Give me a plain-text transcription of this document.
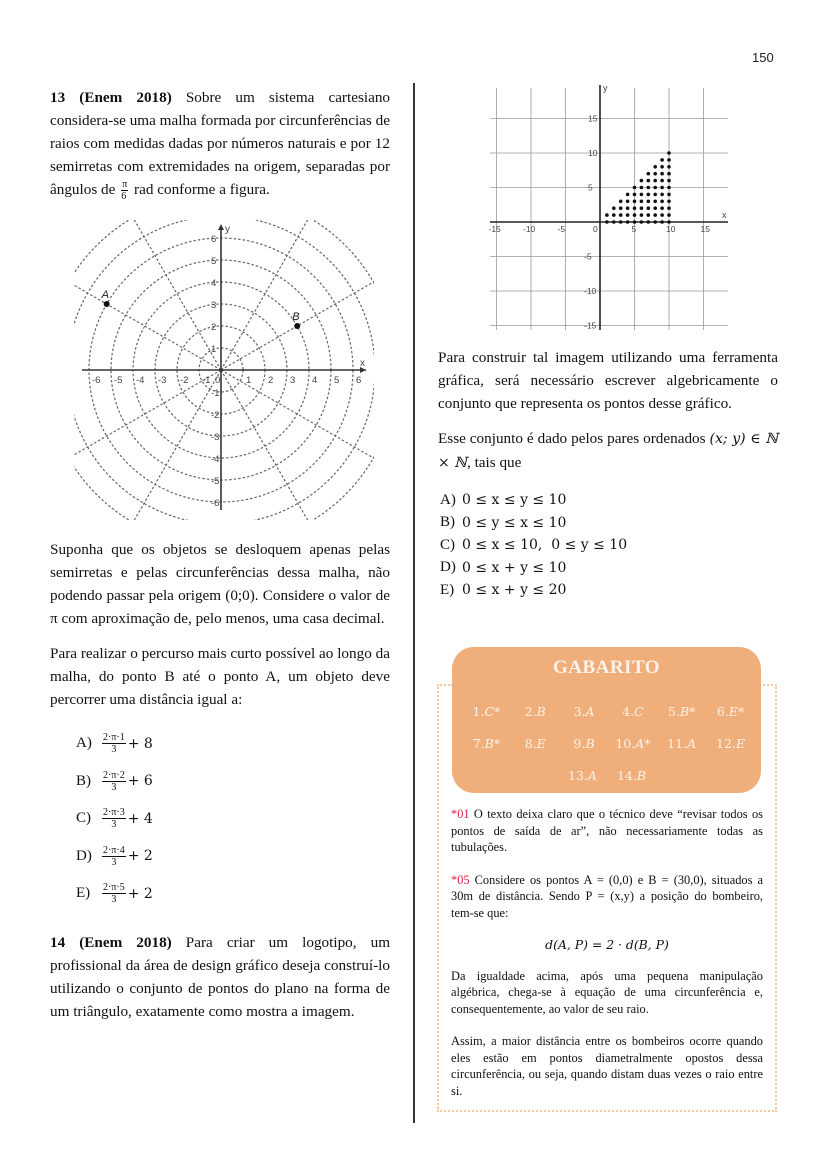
150

13 (Enem 2018) Sobre um sistema cartesiano considera-se uma malha formada por circunferências de raios com medidas dadas por números naturais e por 12 semirretas com extremidades na origem, separadas por ângulos de $\frac{\pi}{6}$ rad conforme a figura.

-6 -5 -4 -3 -2 -1 0	1 2 3 4 5 6
6
5
4
3
2
1
-1
-2
-3
-4
-5
-6
x
y
A
B

Suponha que os objetos se desloquem apenas pelas semirretas e pelas circunferências dessa malha, não podendo passar pela origem (0;0). Considere o valor de π com aproximação de, pelo menos, uma casa decimal.

Para realizar o percurso mais curto possível ao longo da malha, do ponto B até o ponto A, um objeto deve percorrer uma distância igual a:

A)	$\frac{2\cdot\pi\cdot 1}{3} + 8$
B)	$\frac{2\cdot\pi\cdot 2}{3} + 6$
C)	$\frac{2\cdot\pi\cdot 3}{3} + 4$
D)	$\frac{2\cdot\pi\cdot 4}{3} + 2$
E)	$\frac{2\cdot\pi\cdot 5}{3} + 2$

14 (Enem 2018) Para criar um logotipo, um profissional da área de design gráfico deseja construí-lo utilizando o conjunto de pontos do plano na forma de um triângulo, exatamente como mostra a imagem.

-15	-10	-5	0	5	10	15
15
10
5
-5
-10
-15
x
y

Para construir tal imagem utilizando uma ferramenta gráfica, será necessário escrever algebricamente o conjunto que representa os pontos desse gráfico.

Esse conjunto é dado pelos pares ordenados (x; y) ∈ ℕ × ℕ, tais que

A) 0 ≤ x ≤ y ≤ 10
B) 0 ≤ y ≤ x ≤ 10
C) 0 ≤ x ≤ 10,  0 ≤ y ≤ 10
D) 0 ≤ x + y ≤ 10
E) 0 ≤ x + y ≤ 20
GABARITO
1.C*	2.B	3.A	4.C	5.B*	6.E*
7.B*	8.E	9.B	10.A*	11.A	12.E
13.A	14.B

*01 O texto deixa claro que o técnico deve “revisar todos os pontos de saída de ar”, não necessariamente todas as tubulações.

*05 Considere os pontos A = (0,0) e B = (30,0), situados a 30m de distância. Sendo P = (x,y) a posição do bombeiro, tem-se que:

d(A, P) = 2 · d(B, P)

Da igualdade acima, após uma pequena manipulação algébrica, chega-se à equação de uma circunferência e, consequentemente, ao valor de seu raio.

Assim, a maior distância entre os bombeiros ocorre quando eles estão em pontos diametralmente opostos dessa circunferência, ou seja, quando distam duas vezes o raio entre si.
